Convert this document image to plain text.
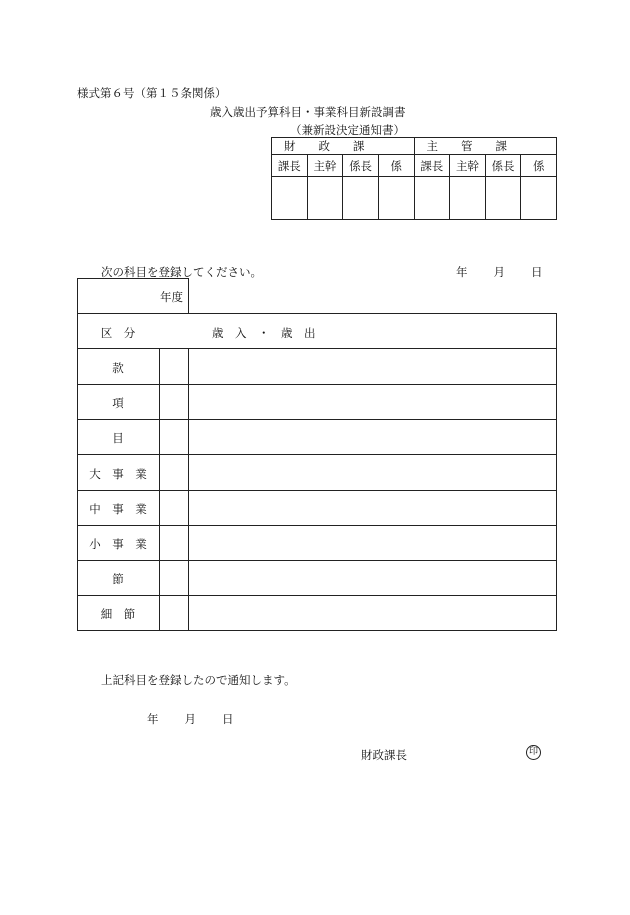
様式第６号（第１５条関係）
歳入歳出予算科目・事業科目新設調書
（兼新設決定通知書）
財　　政　　課				主　　管　　課			

課長	主幹	係長	係	課長	主幹	係長	係

次の科目を登録してください。	年 月 日
年度
区　分	歳　入　・　歳　出
款
項
目
大　事　業
中　事　業
小　事　業
節
細　節
上記科目を登録したので通知します。
年 月 日
財政課長	印
